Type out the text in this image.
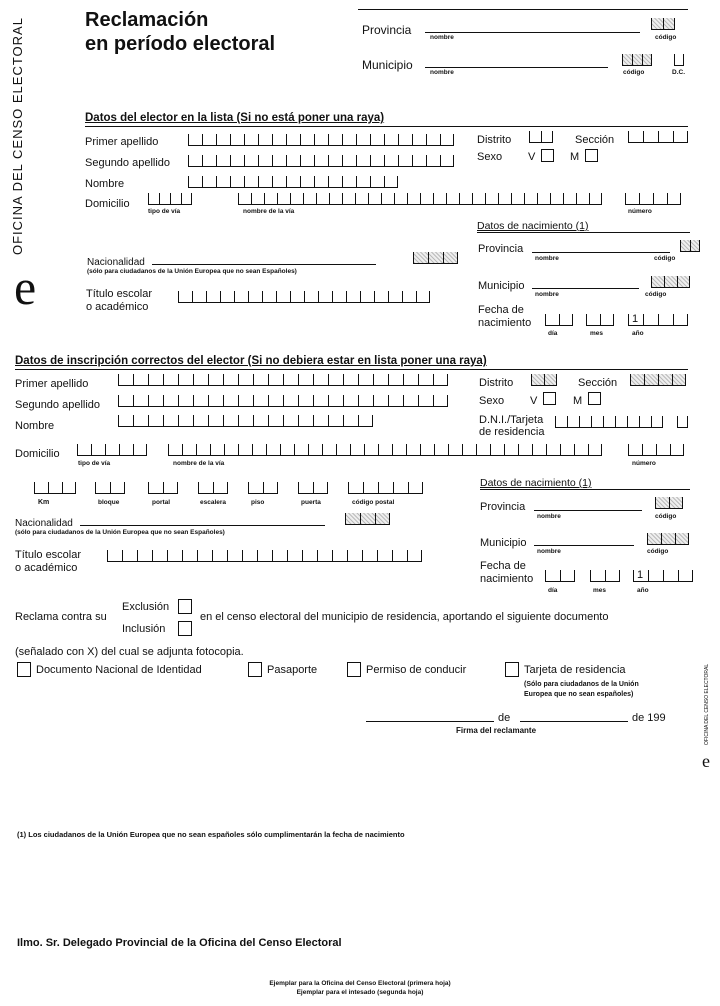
OFICINA DEL CENSO ELECTORAL
e
OFICINA DEL CENSO ELECTORAL
e
Reclamación
en período electoral
Provincia
nombre	código
Municipio
nombre	código	D.C.
Datos del elector en la lista (Si no está poner una raya)
Primer apellido
Segundo apellido
Nombre
Domicilio
tipo de vía	nombre de la vía	número
Distrito	Sección
Sexo V	M
Datos de nacimiento (1)
Provincia
nombre	código
Municipio
nombre	código
Fecha de
nacimiento	1
día	mes	año
Nacionalidad
(sólo para ciudadanos de la Unión Europea que no sean Españoles)
Título escolar
o académico
Datos de inscripción correctos del elector (Si no debiera estar en lista poner una raya)
Primer apellido
Segundo apellido
Nombre
Domicilio
tipo de vía	nombre de la vía	número
Km	bloque	portal	escalera	piso	puerta	código postal
Distrito	Sección
Sexo V	M
D.N.I./Tarjeta
de residencia
Datos de nacimiento (1)
Provincia
nombre	código
Municipio
nombre	código
Fecha de
nacimiento	1
día	mes	año
Nacionalidad
(sólo para ciudadanos de la Unión Europea que no sean Españoles)
Título escolar
o académico
Reclama contra su
Exclusión
Inclusión
en el censo electoral del municipio de residencia, aportando el siguiente documento
(señalado con X) del cual se adjunta fotocopia.
Documento Nacional de Identidad	Pasaporte	Permiso de conducir	Tarjeta de residencia
(Sólo para ciudadanos de la Unión
Europea que no sean españoles)
de	de 199
Firma del reclamante
(1) Los ciudadanos de la Unión Europea que no sean españoles sólo cumplimentarán la fecha de nacimiento
Ilmo. Sr. Delegado Provincial de la Oficina del Censo Electoral
Ejemplar para la Oficina del Censo Electoral (primera hoja)
Ejemplar para el intesado (segunda hoja)
